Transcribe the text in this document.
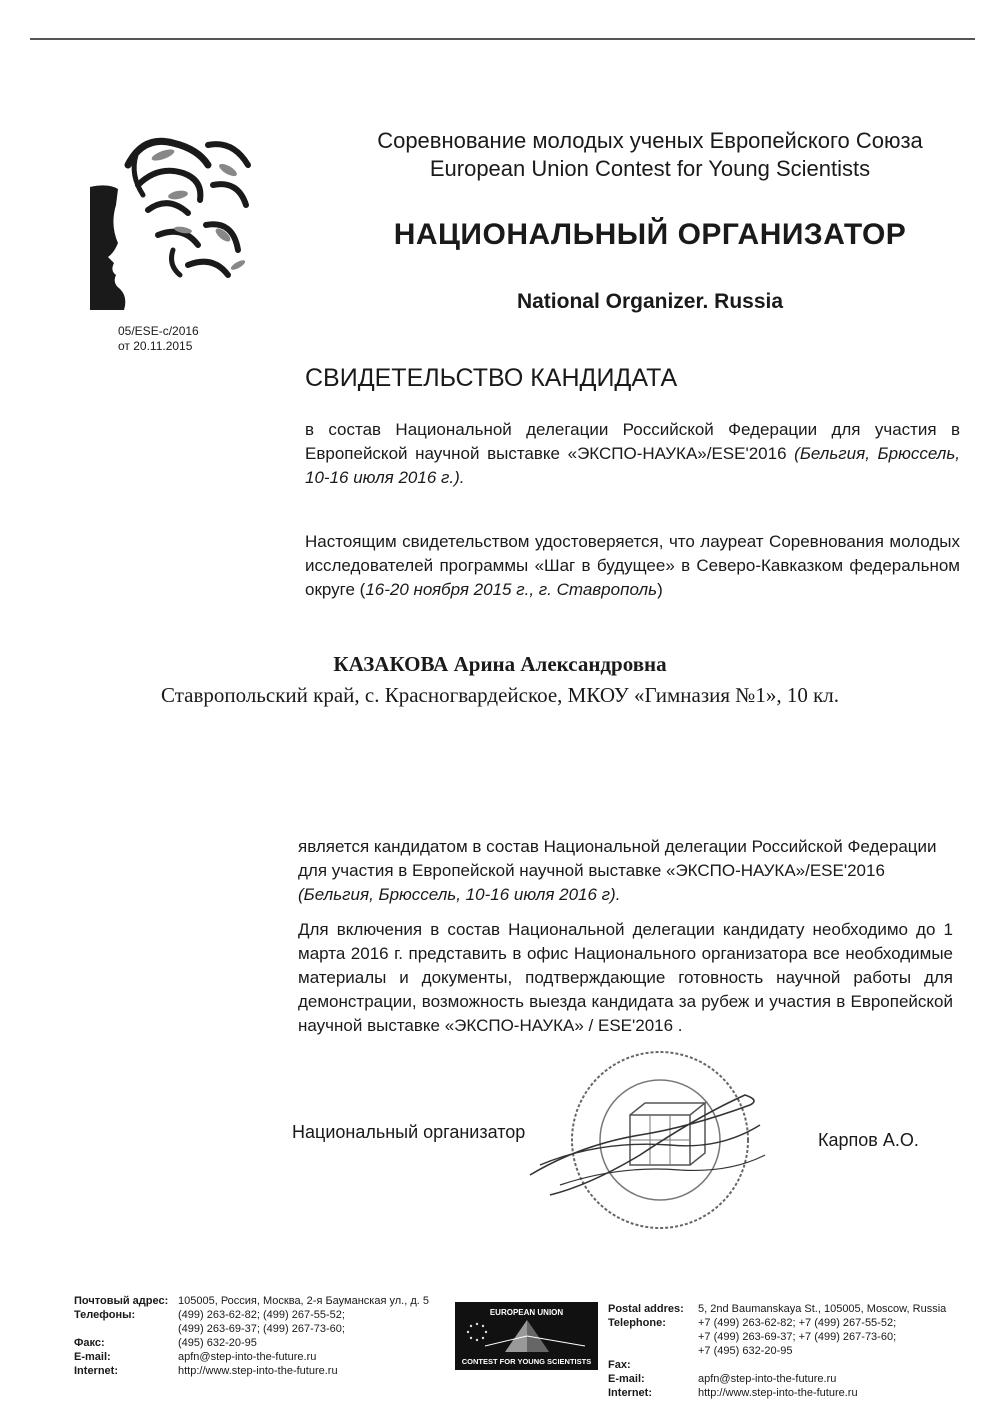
05/ESE-c/2016
от 20.11.2015
Соревнование молодых ученых Европейского Союза
European Union Contest for Young Scientists
НАЦИОНАЛЬНЫЙ ОРГАНИЗАТОР
National Organizer. Russia
СВИДЕТЕЛЬСТВО КАНДИДАТА
в состав Национальной делегации Российской Федерации для участия в Европейской научной выставке «ЭКСПО-НАУКА»/ESE'2016 (Бельгия, Брюссель, 10-16 июля 2016 г.).
Настоящим свидетельством удостоверяется, что лауреат Соревнования молодых исследователей программы «Шаг в будущее» в Северо-Кавказком федеральном округе (16-20 ноября 2015 г., г. Ставрополь)
КАЗАКОВА Арина Александровна
Ставропольский край, с. Красногвардейское, МКОУ «Гимназия №1», 10 кл.
является кандидатом в состав Национальной делегации Российской Федерации для участия в Европейской научной выставке «ЭКСПО-НАУКА»/ESE'2016 (Бельгия, Брюссель, 10-16 июля 2016 г).
Для включения в состав Национальной делегации кандидату необходимо до 1 марта 2016 г. представить в офис Национального организатора все необходимые материалы и документы, подтверждающие готовность научной работы для демонстрации, возможность выезда кандидата за рубеж и участия в Европейской научной выставке «ЭКСПО-НАУКА» / ESE'2016 .
Национальный организатор	Карпов А.О.
Почтовый адрес:
Телефоны:
Факс:
E-mail:
Internet:
105005, Россия, Москва, 2-я Бауманская ул., д. 5
(499) 263-62-82; (499) 267-55-52;
(499) 263-69-37; (499) 267-73-60;
(495) 632-20-95
apfn@step-into-the-future.ru
http://www.step-into-the-future.ru
EUROPEAN UNION
CONTEST FOR YOUNG SCIENTISTS
Postal addres:
Telephone:
Fax:
E-mail:
Internet:
5, 2nd Baumanskaya St., 105005, Moscow, Russia
+7 (499) 263-62-82; +7 (499) 267-55-52;
+7 (499) 263-69-37; +7 (499) 267-73-60;
+7 (495) 632-20-95
apfn@step-into-the-future.ru
http://www.step-into-the-future.ru
